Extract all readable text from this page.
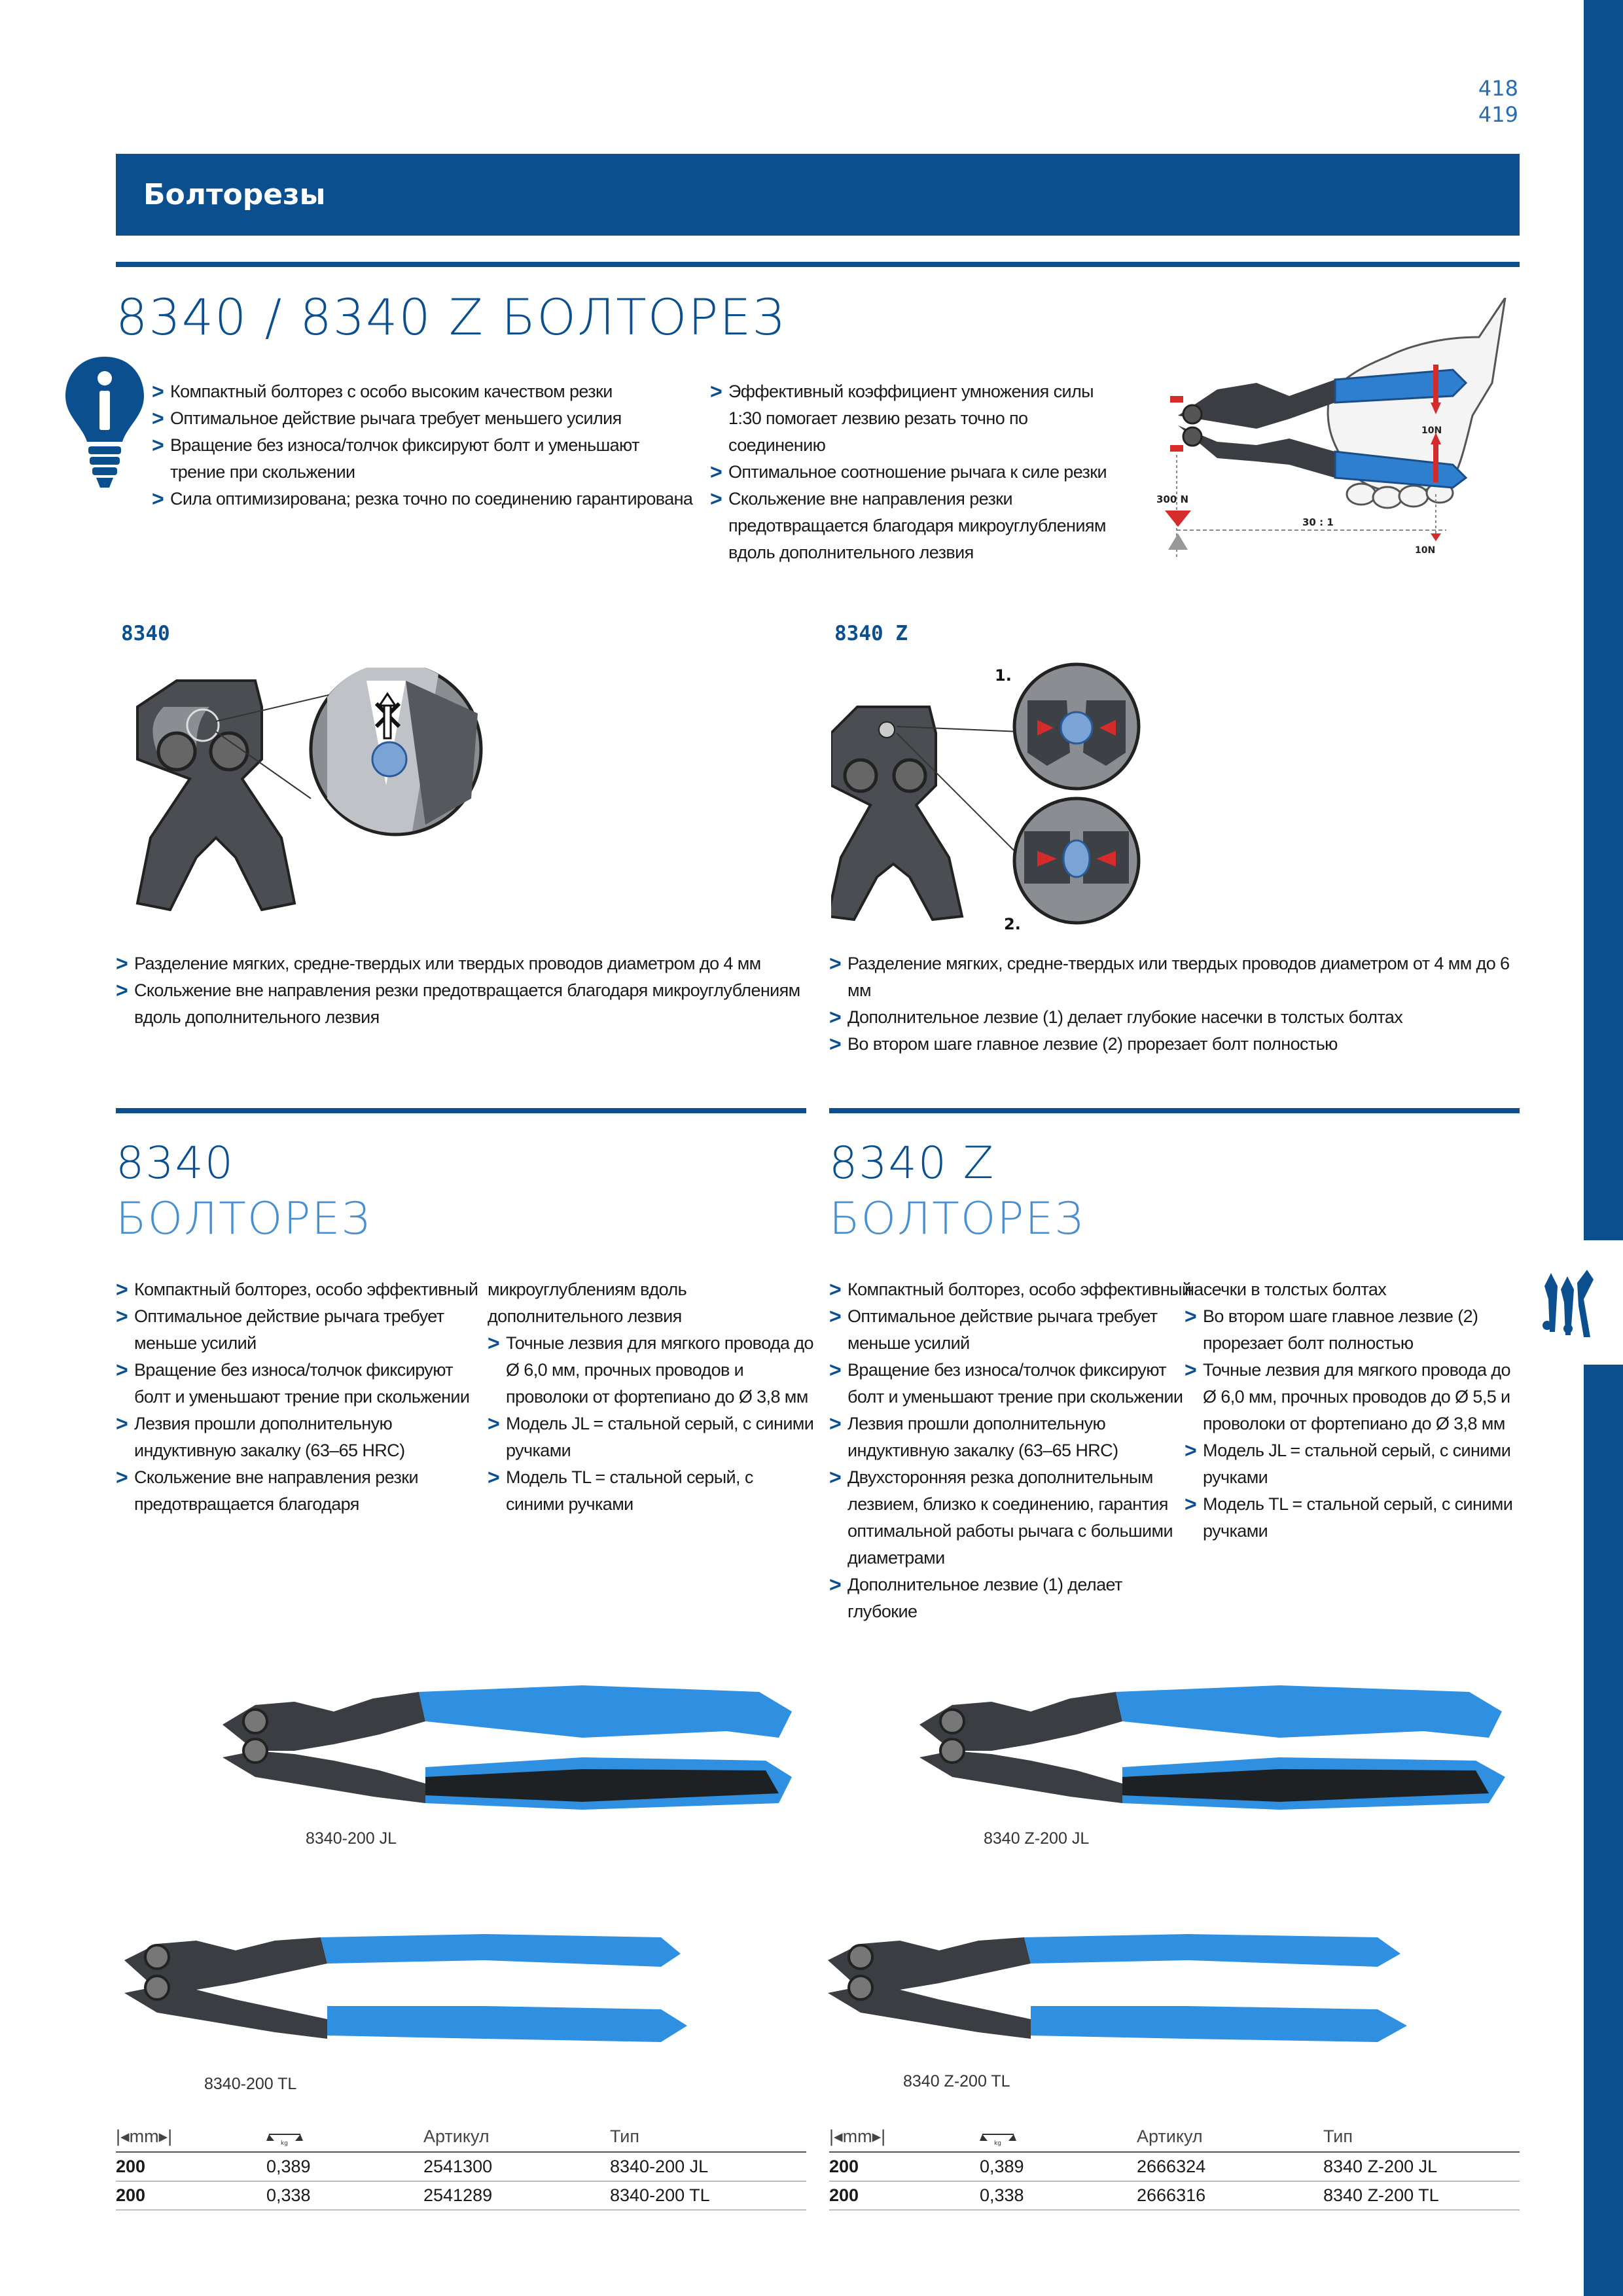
418
419
Болторезы
8340 / 8340 Z БОЛТОРЕЗ
> Компактный болторез с особо высоким качеством резки
> Оптимальное действие рычага требует меньшего усилия
> Вращение без износа/толчок фиксируют болт и уменьшают трение при скольжении
> Сила оптимизирована; резка точно по соединению гарантирована
> Эффективный коэффициент умножения силы 1:30 помогает лезвию резать точно по соединению
> Оптимальное соотношение рычага к силе резки
> Скольжение вне направления резки предотвращается благодаря микроуглублениям вдоль дополнительного лезвия
300 N
30 : 1
10N
10N
8340	8340 Z
1.
2.
> Разделение мягких, средне-твердых или твердых проводов диаметром до 4 мм
> Скольжение вне направления резки предотвращается благодаря микроуглублениям вдоль дополнительного лезвия
> Разделение мягких, средне-твердых или твердых проводов диаметром от 4 мм до 6 мм
> Дополнительное лезвие (1) делает глубокие насечки в толстых болтах
> Во втором шаге главное лезвие (2) прорезает болт полностью
8340
БОЛТОРЕЗ
8340 Z
БОЛТОРЕЗ
> Компактный болторез, особо эффективный
> Оптимальное действие рычага требует меньше усилий
> Вращение без износа/толчок фиксируют болт и уменьшают трение при скольжении
> Лезвия прошли дополнительную индуктивную закалку (63–65 HRC)
> Скольжение вне направления резки предотвращается благодаря
микроуглублениям вдоль дополнительного лезвия
> Точные лезвия для мягкого провода до Ø 6,0 мм, прочных проводов и проволоки от фортепиано до Ø 3,8 мм
> Модель JL = стальной серый, с синими ручками
> Модель TL = стальной серый, с синими ручками
> Компактный болторез, особо эффективный
> Оптимальное действие рычага требует меньше усилий
> Вращение без износа/толчок фиксируют болт и уменьшают трение при скольжении
> Лезвия прошли дополнительную индуктивную закалку (63–65 HRC)
> Двухсторонняя резка дополнительным лезвием, близко к соединению, гарантия оптимальной работы рычага с большими диаметрами
> Дополнительное лезвие (1) делает глубокие
насечки в толстых болтах
> Во втором шаге главное лезвие (2) прорезает болт полностью
> Точные лезвия для мягкого провода до Ø 6,0 мм, прочных проводов до Ø 5,5 и проволоки от фортепиано до Ø 3,8 мм
> Модель JL = стальной серый, с синими ручками
> Модель TL = стальной серый, с синими ручками
8340-200 JL
8340-200 TL
8340 Z-200 JL
8340 Z-200 TL
|◂mm▸|	kg	Артикул	Тип
200	0,389	2541300	8340-200 JL
200	0,338	2541289	8340-200 TL
|◂mm▸|	kg	Артикул	Тип
200	0,389	2666324	8340 Z-200 JL
200	0,338	2666316	8340 Z-200 TL
